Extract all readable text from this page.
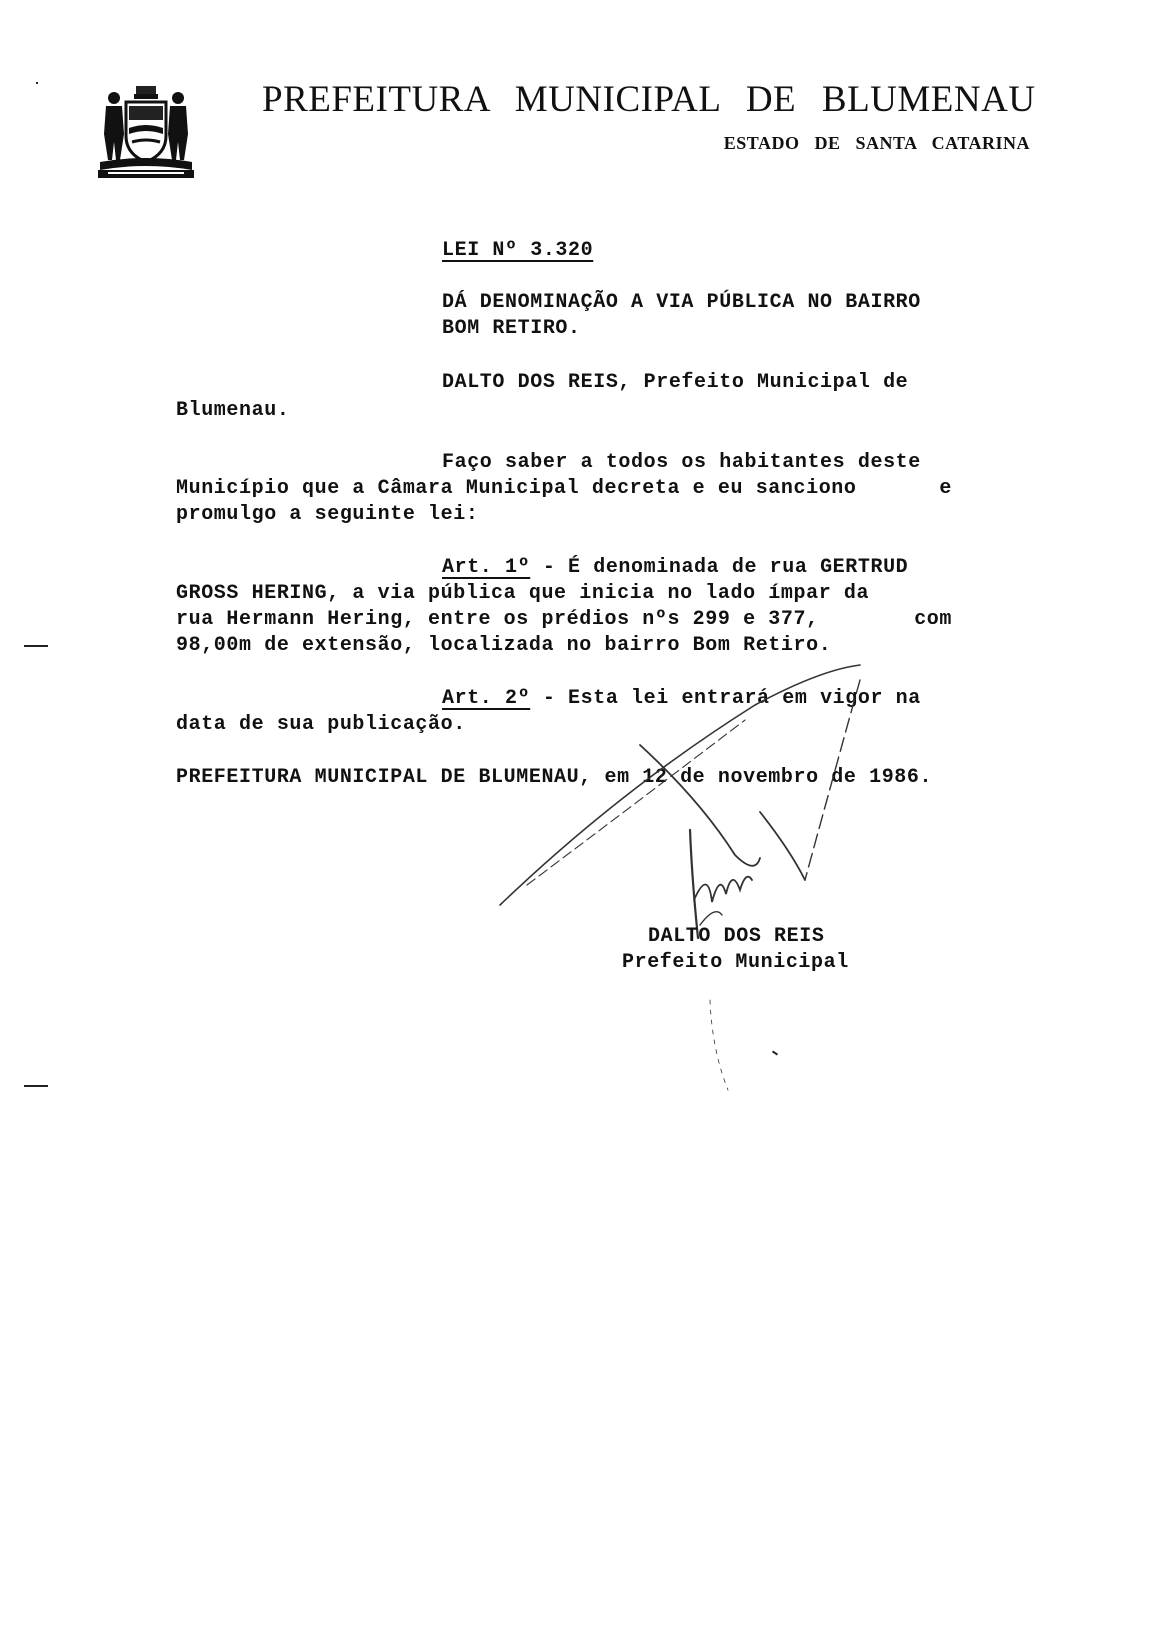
PREFEITURA MUNICIPAL DE BLUMENAU
ESTADO DE SANTA CATARINA
LEI Nº 3.320
DÁ DENOMINAÇÃO A VIA PÚBLICA NO BAIRRO
BOM RETIRO.
DALTO DOS REIS, Prefeito Municipal de
Blumenau.
Faço saber a todos os habitantes deste
Município que a Câmara Municipal decreta e eu sanciono	e
promulgo a seguinte lei:
Art. 1º - É denominada de rua GERTRUD
GROSS HERING, a via pública que inicia no lado ímpar da
rua Hermann Hering, entre os prédios nºs 299 e 377,	com
98,00m de extensão, localizada no bairro Bom Retiro.
Art. 2º - Esta lei entrará em vigor na
data de sua publicação.
PREFEITURA MUNICIPAL DE BLUMENAU, em 12 de novembro de 1986.
DALTO DOS REIS
Prefeito Municipal
